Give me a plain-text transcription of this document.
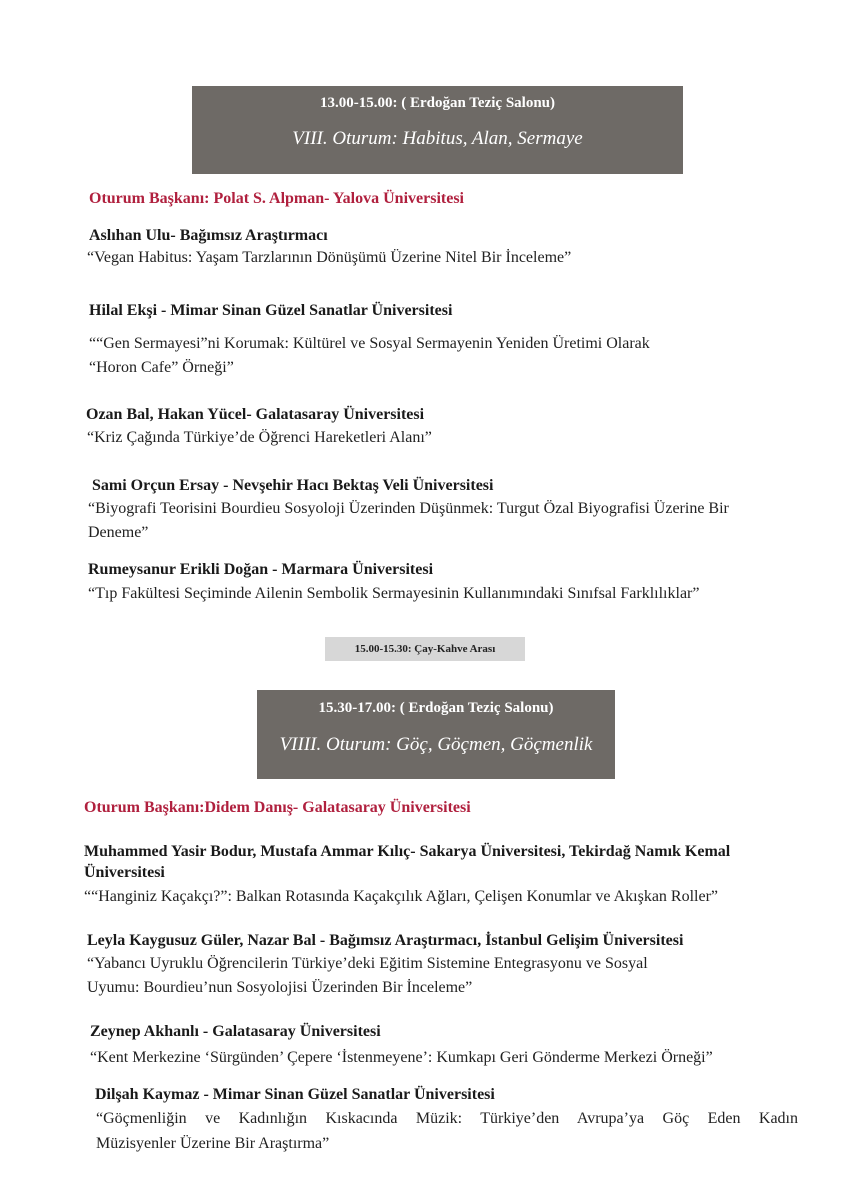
13.00-15.00: ( Erdoğan Teziç Salonu)
VIII. Oturum: Habitus, Alan, Sermaye
Oturum Başkanı: Polat S. Alpman- Yalova Üniversitesi
Aslıhan Ulu- Bağımsız Araştırmacı
“Vegan Habitus: Yaşam Tarzlarının Dönüşümü Üzerine Nitel Bir İnceleme”
Hilal Ekşi - Mimar Sinan Güzel Sanatlar Üniversitesi
““Gen Sermayesi”ni Korumak: Kültürel ve Sosyal Sermayenin Yeniden Üretimi Olarak
“Horon Cafe” Örneği”
Ozan Bal, Hakan Yücel- Galatasaray Üniversitesi
“Kriz Çağında Türkiye’de Öğrenci Hareketleri Alanı”
Sami Orçun Ersay - Nevşehir Hacı Bektaş Veli Üniversitesi
“Biyografi Teorisini Bourdieu Sosyoloji Üzerinden Düşünmek: Turgut Özal Biyografisi Üzerine Bir
Deneme”
Rumeysanur Erikli Doğan - Marmara Üniversitesi
“Tıp Fakültesi Seçiminde Ailenin Sembolik Sermayesinin Kullanımındaki Sınıfsal Farklılıklar”
15.00-15.30: Çay-Kahve Arası
15.30-17.00: ( Erdoğan Teziç Salonu)
VIIII. Oturum: Göç, Göçmen, Göçmenlik
Oturum Başkanı:Didem Danış- Galatasaray Üniversitesi
Muhammed Yasir Bodur, Mustafa Ammar Kılıç- Sakarya Üniversitesi, Tekirdağ Namık Kemal
Üniversitesi
““Hanginiz Kaçakçı?”: Balkan Rotasında Kaçakçılık Ağları, Çelişen Konumlar ve Akışkan Roller”
Leyla Kaygusuz Güler, Nazar Bal - Bağımsız Araştırmacı, İstanbul Gelişim Üniversitesi
“Yabancı Uyruklu Öğrencilerin Türkiye’deki Eğitim Sistemine Entegrasyonu ve Sosyal
Uyumu: Bourdieu’nun Sosyolojisi Üzerinden Bir İnceleme”
Zeynep Akhanlı - Galatasaray Üniversitesi
“Kent Merkezine ‘Sürgünden’ Çepere ‘İstenmeyene’: Kumkapı Geri Gönderme Merkezi Örneği”
Dilşah Kaymaz - Mimar Sinan Güzel Sanatlar Üniversitesi
“Göçmenliğin ve Kadınlığın Kıskacında Müzik: Türkiye’den Avrupa’ya Göç Eden Kadın
Müzisyenler Üzerine Bir Araştırma”
